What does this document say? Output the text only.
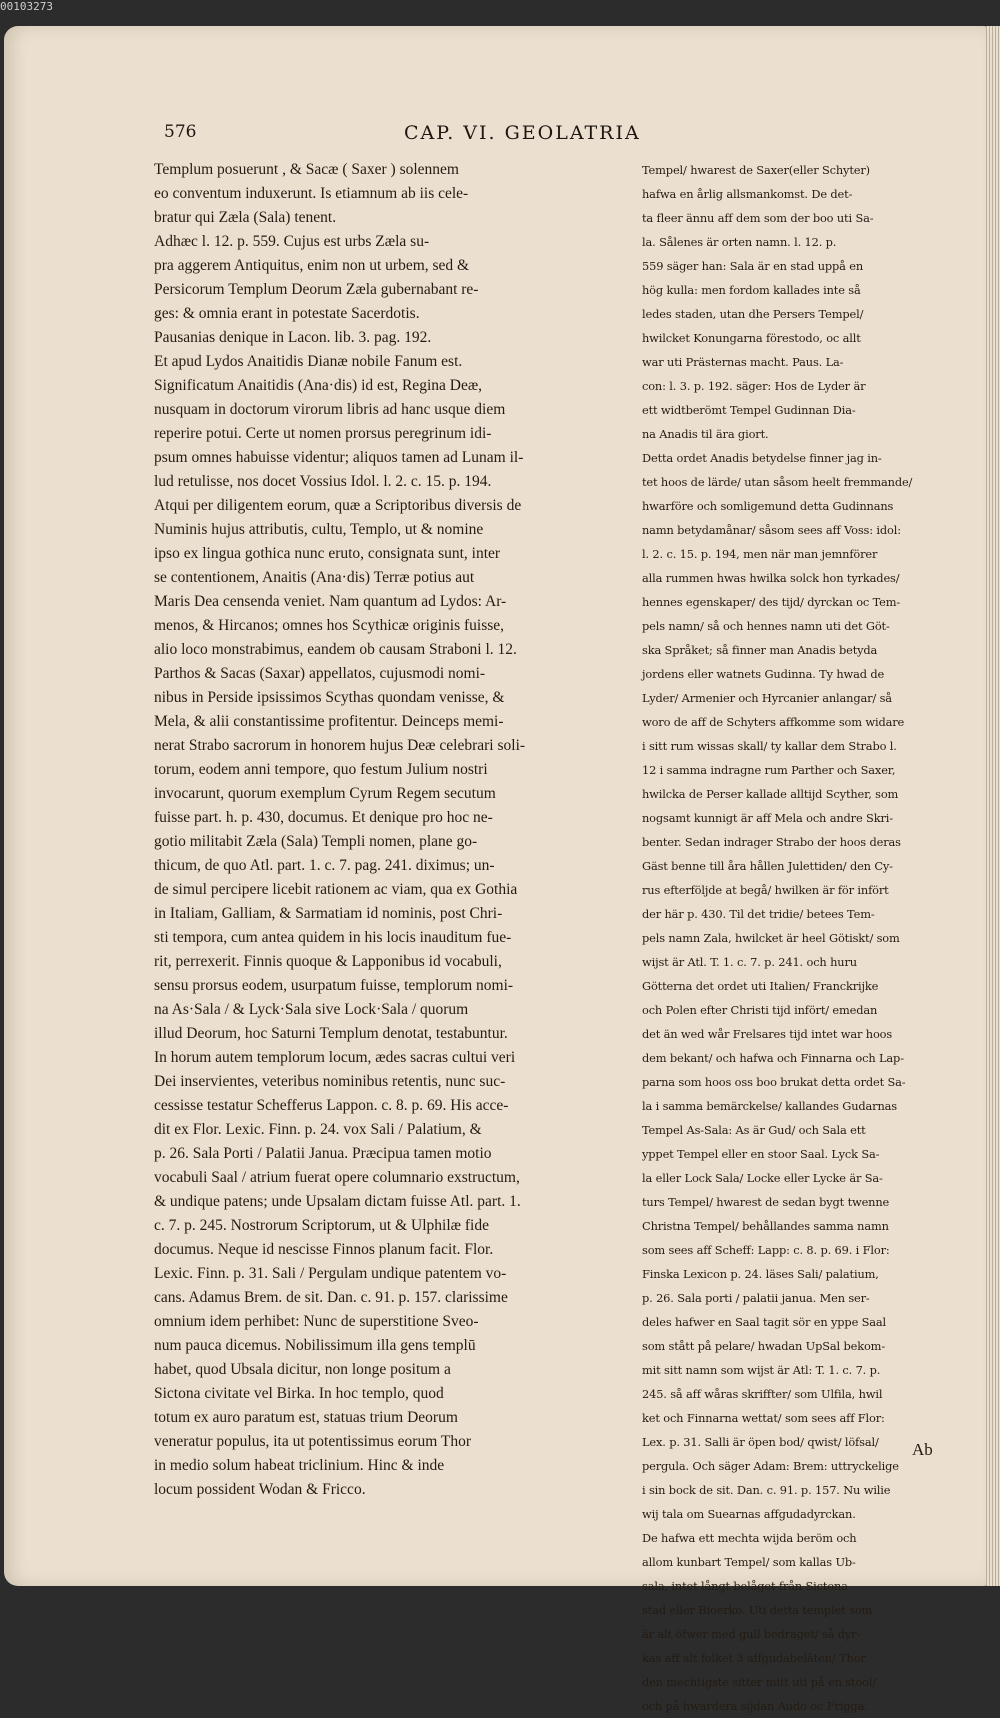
00103273
576	CAP. VI. GEOLATRIA
Templum posuerunt , & Sacæ ( Saxer ) solennem
eo conventum induxerunt. Is etiamnum ab iis cele-
bratur qui Zæla (Sala) tenent.
Adhæc l. 12. p. 559. Cujus est urbs Zæla su-
pra aggerem Antiquitus, enim non ut urbem, sed &
Persicorum Templum Deorum Zæla gubernabant re-
ges: & omnia erant in potestate Sacerdotis.
Pausanias denique in Lacon. lib. 3. pag. 192.
Et apud Lydos Anaitidis Dianæ nobile Fanum est.
Significatum Anaitidis (Ana·dis) id est, Regina Deæ,
nusquam in doctorum virorum libris ad hanc usque diem
reperire potui. Certe ut nomen prorsus peregrinum idi-
psum omnes habuisse videntur; aliquos tamen ad Lunam il-
lud retulisse, nos docet Vossius Idol. l. 2. c. 15. p. 194.
Atqui per diligentem eorum, quæ a Scriptoribus diversis de
Numinis hujus attributis, cultu, Templo, ut & nomine
ipso ex lingua gothica nunc eruto, consignata sunt, inter
se contentionem, Anaitis (Ana·dis) Terræ potius aut
Maris Dea censenda veniet. Nam quantum ad Lydos: Ar-
menos, & Hircanos; omnes hos Scythicæ originis fuisse,
alio loco monstrabimus, eandem ob causam Straboni l. 12.
Parthos & Sacas (Saxar) appellatos, cujusmodi nomi-
nibus in Perside ipsissimos Scythas quondam venisse, &
Mela, & alii constantissime profitentur. Deinceps memi-
nerat Strabo sacrorum in honorem hujus Deæ celebrari soli-
torum, eodem anni tempore, quo festum Julium nostri
invocarunt, quorum exemplum Cyrum Regem secutum
fuisse part. h. p. 430, documus. Et denique pro hoc ne-
gotio militabit Zæla (Sala) Templi nomen, plane go-
thicum, de quo Atl. part. 1. c. 7. pag. 241. diximus; un-
de simul percipere licebit rationem ac viam, qua ex Gothia
in Italiam, Galliam, & Sarmatiam id nominis, post Chri-
sti tempora, cum antea quidem in his locis inauditum fue-
rit, perrexerit. Finnis quoque & Lapponibus id vocabuli,
sensu prorsus eodem, usurpatum fuisse, templorum nomi-
na As·Sala / & Lyck·Sala sive Lock·Sala / quorum
illud Deorum, hoc Saturni Templum denotat, testabuntur.
In horum autem templorum locum, ædes sacras cultui veri
Dei inservientes, veteribus nominibus retentis, nunc suc-
cessisse testatur Schefferus Lappon. c. 8. p. 69. His acce-
dit ex Flor. Lexic. Finn. p. 24. vox Sali / Palatium, &
p. 26. Sala Porti / Palatii Janua. Præcipua tamen motio
vocabuli Saal / atrium fuerat opere columnario exstructum,
& undique patens; unde Upsalam dictam fuisse Atl. part. 1.
c. 7. p. 245. Nostrorum Scriptorum, ut & Ulphilæ fide
documus. Neque id nescisse Finnos planum facit. Flor.
Lexic. Finn. p. 31. Sali / Pergulam undique patentem vo-
cans. Adamus Brem. de sit. Dan. c. 91. p. 157. clarissime
omnium idem perhibet: Nunc de superstitione Sveo-
num pauca dicemus. Nobilissimum illa gens templū
habet, quod Ubsala dicitur, non longe positum a
Sictona civitate vel Birka. In hoc templo, quod
totum ex auro paratum est, statuas trium Deorum
veneratur populus, ita ut potentissimus eorum Thor
in medio solum habeat triclinium. Hinc & inde
locum possident Wodan & Fricco.
Tempel/ hwarest de Saxer(eller Schyter)
hafwa en årlig allsmankomst. De det-
ta fleer ännu aff dem som der boo uti Sa-
la. Sålenes är orten namn. l. 12. p.
559 säger han: Sala är en stad uppå en
hög kulla: men fordom kallades inte så
ledes staden, utan dhe Persers Tempel/
hwilcket Konungarna förestodo, oc allt
war uti Prästernas macht. Paus. La-
con: l. 3. p. 192. säger: Hos de Lyder är
ett widtberömt Tempel Gudinnan Dia-
na Anadis til ära giort.
Detta ordet Anadis betydelse finner jag in-
tet hoos de lärde/ utan såsom heelt fremmande/
hwarföre och somligemund detta Gudinnans
namn betydamånar/ såsom sees aff Voss: idol:
l. 2. c. 15. p. 194, men när man jemnförer
alla rummen hwas hwilka solck hon tyrkades/
hennes egenskaper/ des tijd/ dyrckan oc Tem-
pels namn/ så och hennes namn uti det Göt-
ska Språket; så finner man Anadis betyda
jordens eller watnets Gudinna. Ty hwad de
Lyder/ Armenier och Hyrcanier anlangar/ så
woro de aff de Schyters affkomme som widare
i sitt rum wissas skall/ ty kallar dem Strabo l.
12 i samma indragne rum Parther och Saxer,
hwilcka de Perser kallade alltijd Scyther, som
nogsamt kunnigt är aff Mela och andre Skri-
benter. Sedan indrager Strabo der hoos deras
Gäst benne till åra hållen Julettiden/ den Cy-
rus efterföljde at begå/ hwilken är för infört
der här p. 430. Til det tridie/ betees Tem-
pels namn Zala, hwilcket är heel Götiskt/ som
wijst är Atl. T. 1. c. 7. p. 241. och huru
Götterna det ordet uti Italien/ Franckrijke
och Polen efter Christi tijd infört/ emedan
det än wed wår Frelsares tijd intet war hoos
dem bekant/ och hafwa och Finnarna och Lap-
parna som hoos oss boo brukat detta ordet Sa-
la i samma bemärckelse/ kallandes Gudarnas
Tempel As-Sala: As är Gud/ och Sala ett
yppet Tempel eller en stoor Saal. Lyck Sa-
la eller Lock Sala/ Locke eller Lycke är Sa-
turs Tempel/ hwarest de sedan bygt twenne
Christna Tempel/ behållandes samma namn
som sees aff Scheff: Lapp: c. 8. p. 69. i Flor:
Finska Lexicon p. 24. läses Sali/ palatium,
p. 26. Sala porti / palatii janua. Men ser-
deles hafwer en Saal tagit sör en yppe Saal
som stått på pelare/ hwadan UpSal bekom-
mit sitt namn som wijst är Atl: T. 1. c. 7. p.
245. så aff wåras skriffter/ som Ulfila, hwil
ket och Finnarna wettat/ som sees aff Flor:
Lex. p. 31. Salli är öpen bod/ qwist/ löfsal/
pergula. Och säger Adam: Brem: uttryckelige
i sin bock de sit. Dan. c. 91. p. 157. Nu wilie
wij tala om Suearnas affgudadyrckan.
De hafwa ett mechta wijda beröm och
allom kunbart Tempel/ som kallas Ub-
sala, intet långt belåget från Sictona
stad eller Bioerko. Uti detta templet som
är alt öfwer med gull bedraget/ så dyr-
kas aff alt folket 3 affgudabeläten/ Thor
den mechtigste sitter mitt uti på en stool/
och på hwardera sijdan Audo oc Frigga.
Ab
